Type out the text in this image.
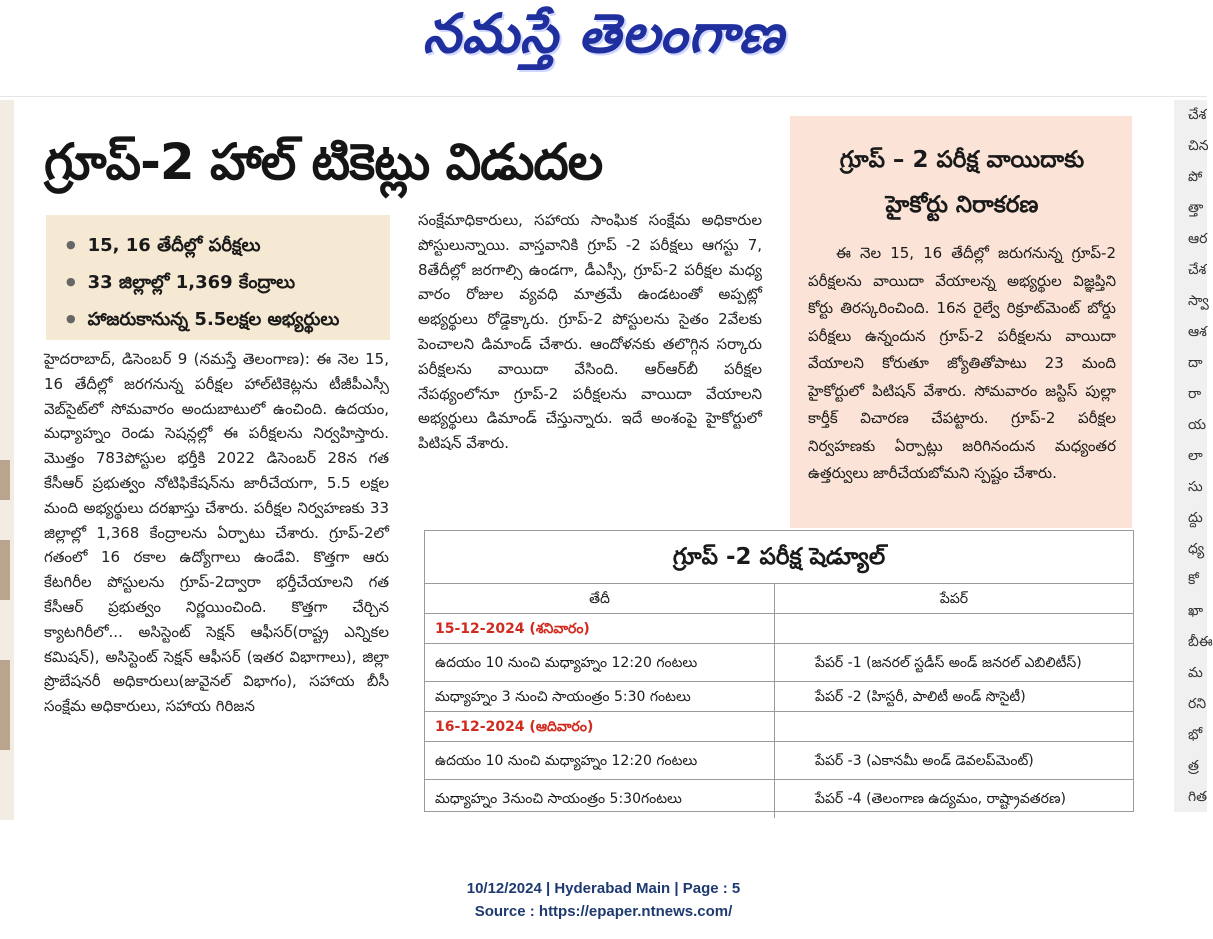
నమస్తే తెలంగాణ
గ్రూప్-2 హాల్ టికెట్లు విడుదల
● 15, 16 తేదీల్లో పరీక్షలు
● 33 జిల్లాల్లో 1,369 కేంద్రాలు
● హాజరుకానున్న 5.5లక్షల అభ్యర్థులు

హైదరాబాద్, డిసెంబర్ 9 (నమస్తే తెలంగాణ): ఈ నెల 15, 16 తేదీల్లో జరగనున్న పరీక్షల హాల్‌టికెట్లను టీజీపీఎస్సీ వెబ్‌సైట్‌లో సోమవారం అందుబాటులో ఉంచింది. ఉదయం, మధ్యాహ్నం రెండు సెషన్లల్లో ఈ పరీక్షలను నిర్వహిస్తారు. మొత్తం 783పోస్టుల భర్తీకి 2022 డిసెంబర్ 28న గత కేసీఆర్ ప్రభుత్వం నోటిఫికేషన్‌ను జారీచేయగా, 5.5 లక్షల మంది అభ్యర్థులు దరఖాస్తు చేశారు. పరీక్షల నిర్వహణకు 33 జిల్లాల్లో 1,368 కేంద్రాలను ఏర్పాటు చేశారు. గ్రూప్-2లో గతంలో 16 రకాల ఉద్యోగాలు ఉండేవి. కొత్తగా ఆరు కేటగిరీల పోస్టులను గ్రూప్-2ద్వారా భర్తీచేయాలని గత కేసీఆర్ ప్రభుత్వం నిర్ణయించింది. కొత్తగా చేర్చిన క్యాటగిరీలో... అసిస్టెంట్ సెక్షన్ ఆఫీసర్(రాష్ట్ర ఎన్నికల కమిషన్), అసిస్టెంట్ సెక్షన్ ఆఫీసర్ (ఇతర విభాగాలు), జిల్లా ప్రొబేషనరీ అధికారులు(జువైనల్ విభాగం), సహాయ బీసీ సంక్షేమ అధికారులు, సహాయ గిరిజన

సంక్షేమాధికారులు, సహాయ సాంఘిక సంక్షేమ అధికారుల పోస్టులున్నాయి. వాస్తవానికి గ్రూప్ -2 పరీక్షలు ఆగస్టు 7, 8తేదీల్లో జరగాల్సి ఉండగా, డీఎస్సీ, గ్రూప్-2 పరీక్షల మధ్య వారం రోజుల వ్యవధి మాత్రమే ఉండటంతో అప్పట్లో అభ్యర్థులు రోడ్డెక్కారు. గ్రూప్-2 పోస్టులను సైతం 2వేలకు పెంచాలని డిమాండ్ చేశారు. ఆందోళనకు తలొగ్గిన సర్కారు పరీక్షలను వాయిదా వేసింది. ఆర్ఆర్‌బీ పరీక్షల నేపథ్యంలోనూ గ్రూప్-2 పరీక్షలను వాయిదా వేయాలని అభ్యర్థులు డిమాండ్ చేస్తున్నారు. ఇదే అంశంపై హైకోర్టులో పిటిషన్ వేశారు.

గ్రూప్ – 2 పరీక్ష వాయిదాకు
హైకోర్టు నిరాకరణ

ఈ నెల 15, 16 తేదీల్లో జరుగనున్న గ్రూప్-2 పరీక్షలను వాయిదా వేయాలన్న అభ్యర్థుల విజ్ఞప్తిని కోర్టు తిరస్కరించింది. 16న రైల్వే రిక్రూట్‌మెంట్ బోర్డు పరీక్షలు ఉన్నందున గ్రూప్-2 పరీక్షలను వాయిదా వేయాలని కోరుతూ జ్యోతితోపాటు 23 మంది హైకోర్టులో పిటిషన్ వేశారు. సోమవారం జస్టిస్ పుల్లా కార్తీక్ విచారణ చేపట్టారు. గ్రూప్-2 పరీక్షల నిర్వహణకు ఏర్పాట్లు జరిగినందున మధ్యంతర ఉత్తర్వులు జారీచేయబోమని స్పష్టం చేశారు.

చేశ
చిన
పో
త్తా
ఆర
చేశ
స్వా
ఆశ
దా
రా
య
లా
సు
ద్దు
ధ్య
కో
ఖా
బీఈ
మ
రని
భో
త్ర
గిత
గ్రూప్ -2 పరీక్ష షెడ్యూల్
తేదీ	పేపర్
15-12-2024 (శనివారం)
ఉదయం 10 నుంచి మధ్యాహ్నం 12:20 గంటలు	పేపర్ -1 (జనరల్ స్టడీస్ అండ్ జనరల్ ఎబిలిటీస్)
మధ్యాహ్నం 3 నుంచి సాయంత్రం 5:30 గంటలు	పేపర్ -2 (హిస్టరీ, పాలిటీ అండ్ సొసైటీ)
16-12-2024 (ఆదివారం)
ఉదయం 10 నుంచి మధ్యాహ్నం 12:20 గంటలు	పేపర్ -3 (ఎకానమీ అండ్ డెవలప్‌మెంట్)
మధ్యాహ్నం 3నుంచి సాయంత్రం 5:30గంటలు	పేపర్ -4 (తెలంగాణ ఉద్యమం, రాష్ట్రావతరణ)
10/12/2024 | Hyderabad Main | Page : 5
Source : https://epaper.ntnews.com/
